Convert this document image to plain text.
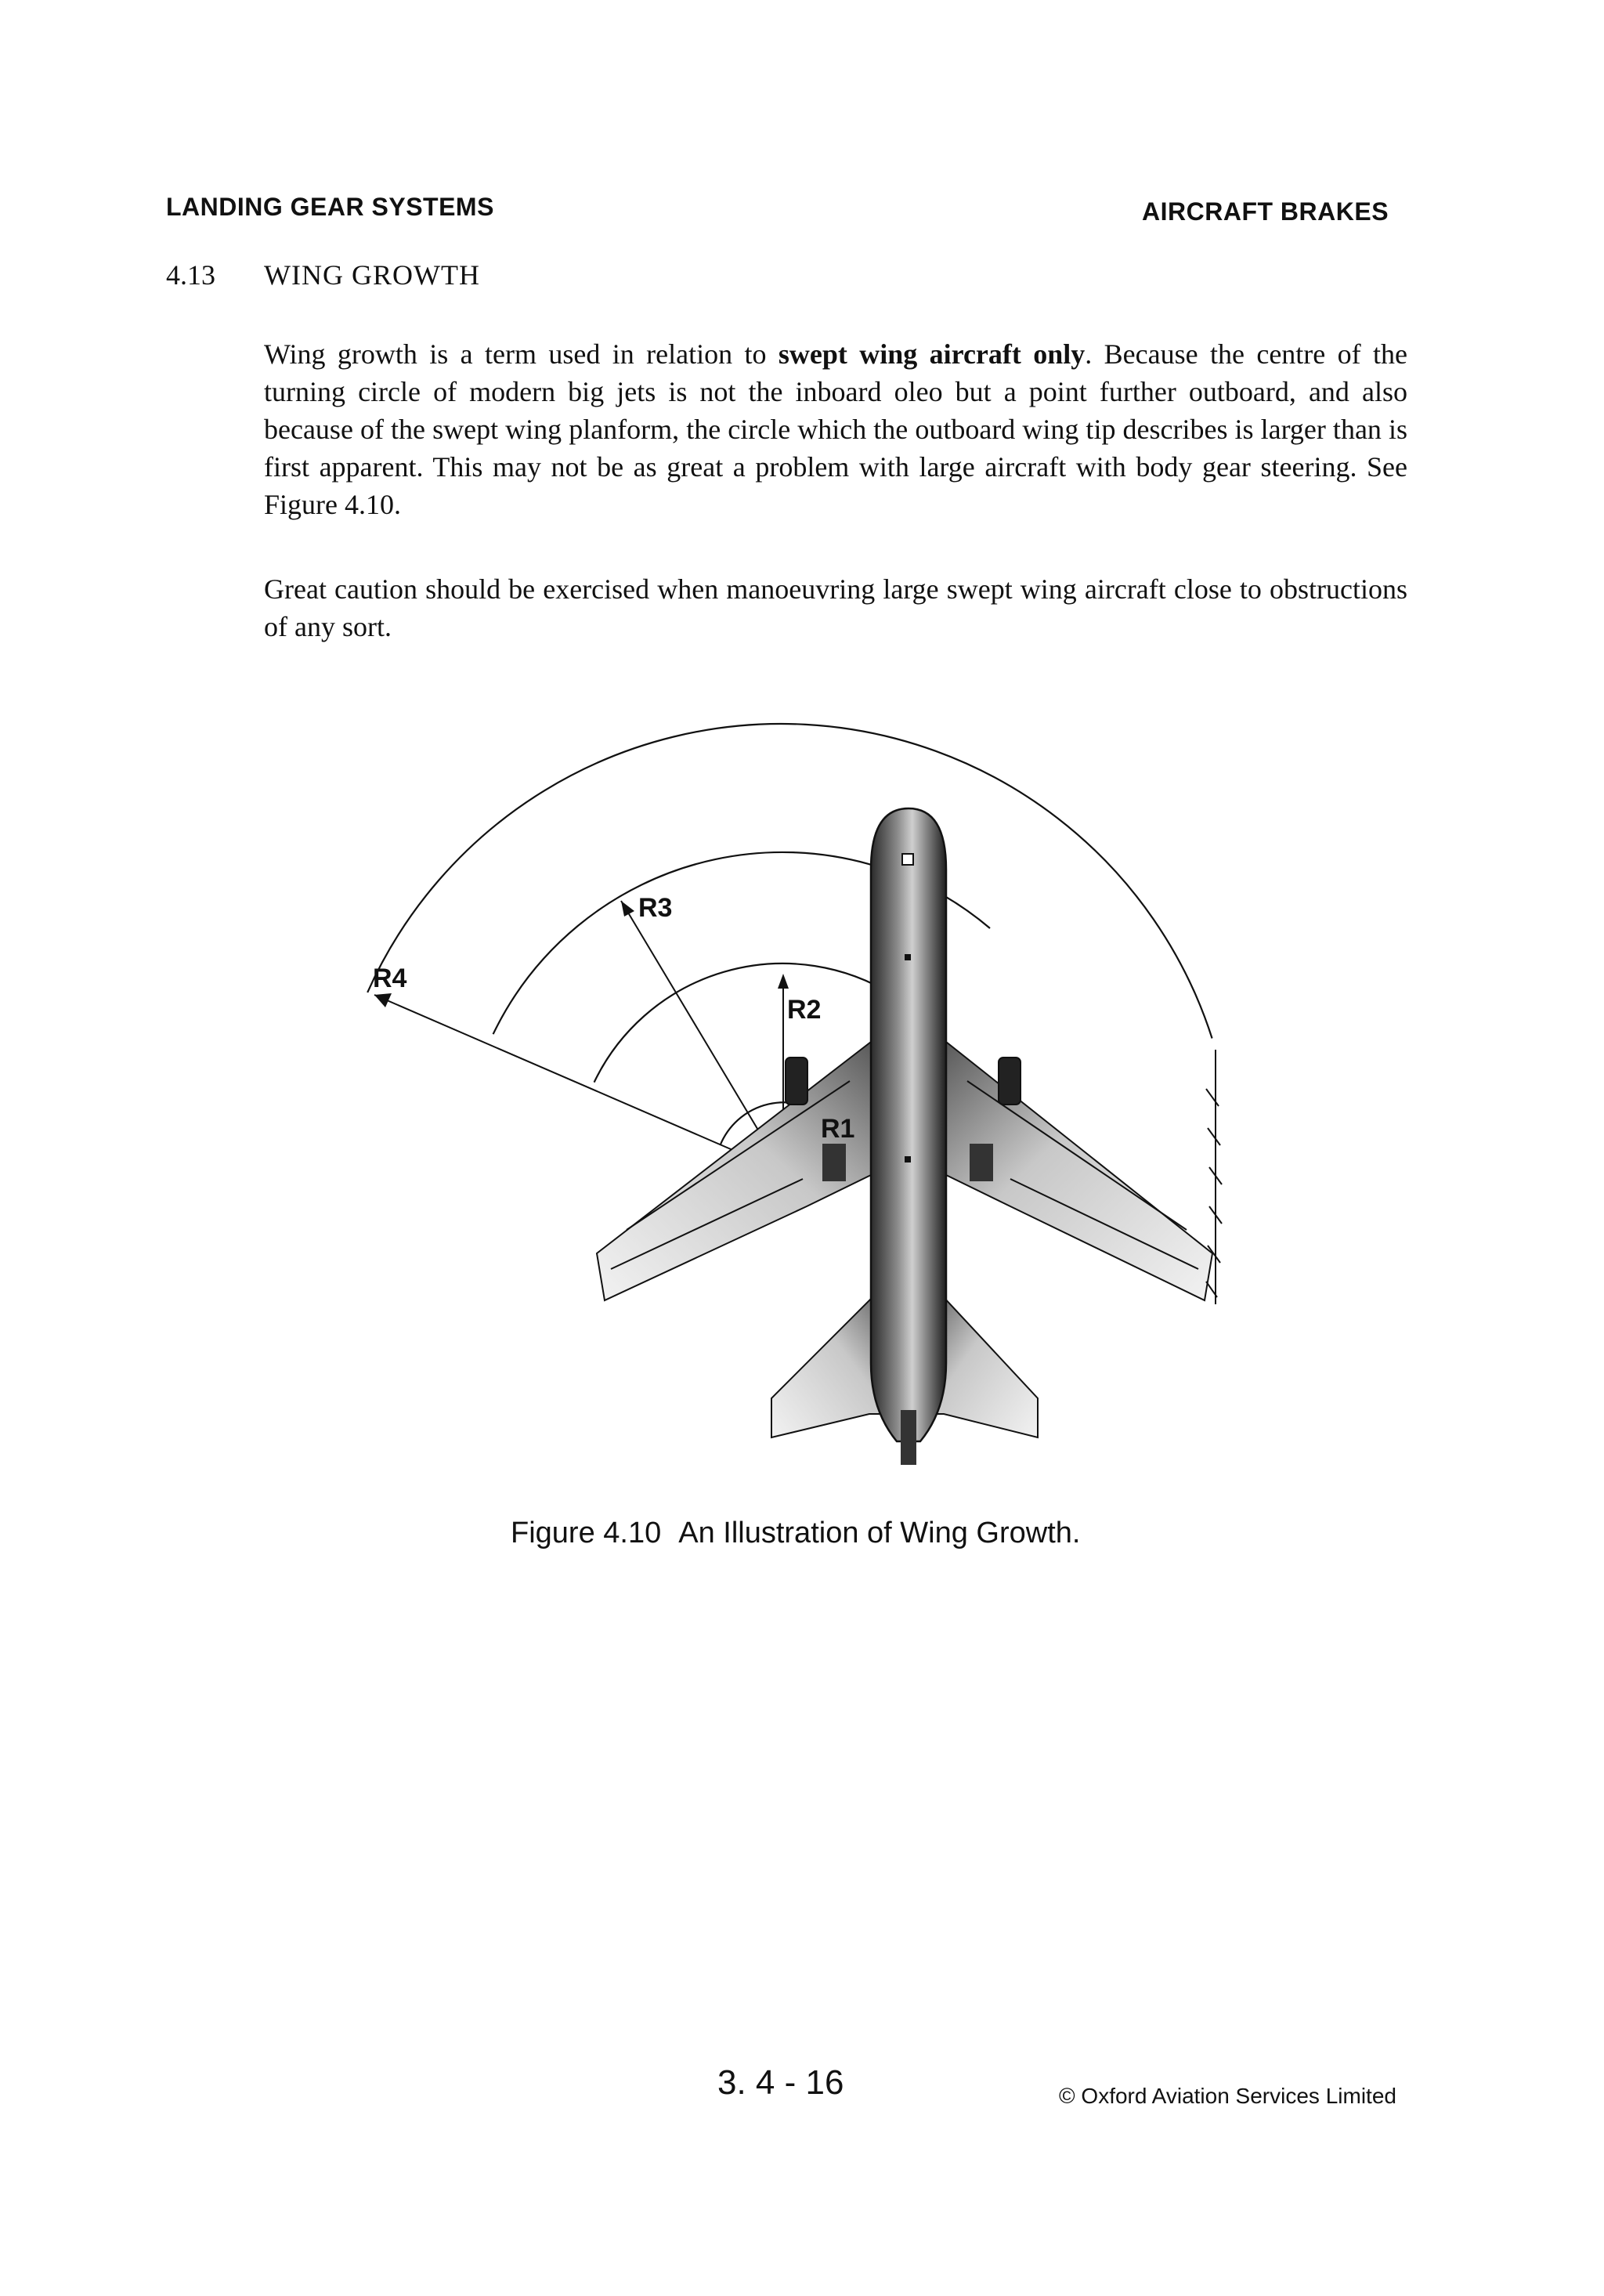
LANDING GEAR SYSTEMS	AIRCRAFT BRAKES
4.13 WING GROWTH

Wing growth is a term used in relation to swept wing aircraft only. Because the centre of the turning circle of modern big jets is not the inboard oleo but a point further outboard, and also because of the swept wing planform, the circle which the outboard wing tip describes is larger than is first apparent. This may not be as great a problem with large aircraft with body gear steering. See Figure 4.10.

Great caution should be exercised when manoeuvring large swept wing aircraft close to obstructions of any sort.

R4
R3
R2
R1
Figure 4.10 An Illustration of Wing Growth.
3. 4 - 16	© Oxford Aviation Services Limited
